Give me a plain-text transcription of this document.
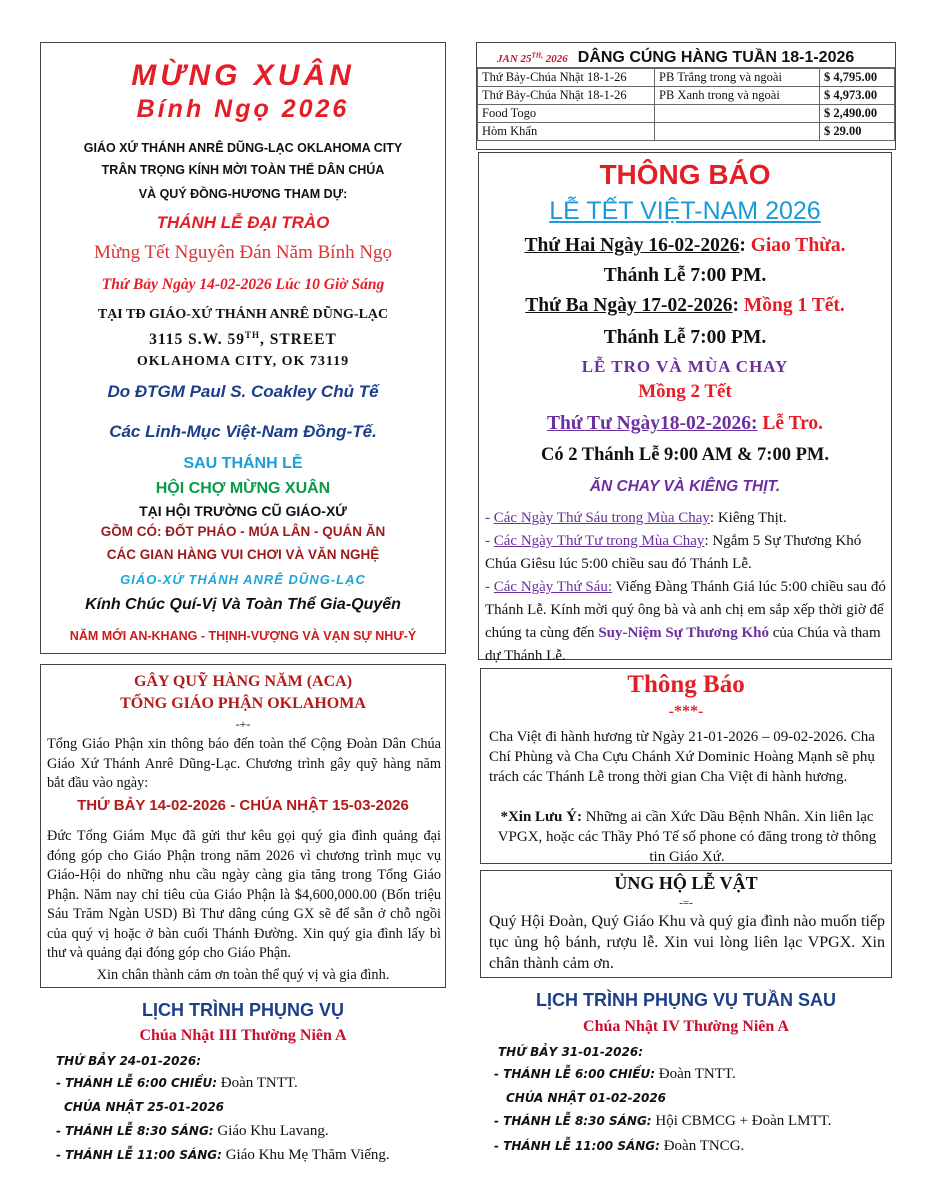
MỪNG XUÂN
Bính Ngọ 2026
GIÁO XỨ THÁNH ANRÊ DŨNG-LẠC OKLAHOMA CITY
TRÂN TRỌNG KÍNH MỜI TOÀN THỂ DÂN CHÚA
VÀ QUÝ ĐỒNG-HƯƠNG THAM DỰ:
THÁNH LỄ ĐẠI TRÀO
Mừng Tết Nguyên Đán Năm Bính Ngọ
Thứ Bảy Ngày 14-02-2026 Lúc 10 Giờ Sáng
TẠI TĐ GIÁO-XỨ THÁNH ANRÊ DŨNG-LẠC
3115 S.W. 59TH, STREET
OKLAHOMA CITY, OK 73119
Do ĐTGM Paul S. Coakley Chủ Tế
Các Linh-Mục Việt-Nam Đồng-Tế.
SAU THÁNH LỄ
HỘI CHỢ MỪNG XUÂN
TẠI HỘI TRƯỜNG CŨ GIÁO-XỨ
GỒM CÓ: ĐỐT PHÁO - MÚA LÂN - QUÁN ĂN
CÁC GIAN HÀNG VUI CHƠI VÀ VĂN NGHỆ
GIÁO-XỨ THÁNH ANRÊ DŨNG-LẠC
Kính Chúc Quí-Vị Và Toàn Thể Gia-Quyến
NĂM MỚI AN-KHANG - THỊNH-VƯỢNG VÀ VẠN SỰ NHƯ-Ý
JAN $25^{TH,}$ 2026 DÂNG CÚNG HÀNG TUẦN 18-1-2026
Thứ Bảy-Chúa Nhật 18-1-26	PB Trắng trong và ngoài	$ 4,795.00
Thứ Bảy-Chúa Nhật 18-1-26	PB Xanh trong và ngoài	$ 4,973.00
Food Togo		$ 2,490.00
Hòm Khấn		$ 29.00
THÔNG BÁO
LỄ TẾT VIỆT-NAM 2026
Thứ Hai Ngày 16-02-2026: Giao Thừa.
Thánh Lễ 7:00 PM.
Thứ Ba Ngày 17-02-2026: Mồng 1 Tết.
Thánh Lễ 7:00 PM.
LỄ TRO VÀ MÙA CHAY
Mồng 2 Tết
Thứ Tư Ngày18-02-2026: Lễ Tro.
Có 2 Thánh Lễ 9:00 AM & 7:00 PM.
ĂN CHAY VÀ KIÊNG THỊT.
- Các Ngày Thứ Sáu trong Mùa Chay: Kiêng Thịt.
- Các Ngày Thứ Tư trong Mùa Chay: Ngắm 5 Sự Thương Khó Chúa Giêsu lúc 5:00 chiều sau đó Thánh Lễ.
- Các Ngày Thứ Sáu: Viếng Đàng Thánh Giá lúc 5:00 chiều sau đó Thánh Lễ. Kính mời quý ông bà và anh chị em sắp xếp thời giờ để chúng ta cùng đến Suy-Niệm Sự Thương Khó của Chúa và tham dự Thánh Lễ.
GÂY QUỸ HÀNG NĂM (ACA)
TỔNG GIÁO PHẬN OKLAHOMA
-+-
Tổng Giáo Phận xin thông báo đến toàn thể Cộng Đoàn Dân Chúa Giáo Xứ Thánh Anrê Dũng-Lạc. Chương trình gây quỹ hàng năm bắt đầu vào ngày:
THỨ BẢY 14-02-2026 - CHÚA NHẬT 15-03-2026
Đức Tổng Giám Mục đã gửi thư kêu gọi quý gia đình quảng đại đóng góp cho Giáo Phận trong năm 2026 vì chương trình mục vụ Giáo-Hội do những nhu cầu ngày càng gia tăng trong Tổng Giáo Phận. Năm nay chỉ tiêu của Giáo Phận là $4,600,000.00 (Bốn triệu Sáu Trăm Ngàn USD) Bì Thư dâng cúng GX sẽ để sẵn ở chỗ ngồi của quý vị hoặc ở bàn cuối Thánh Đường. Xin quý gia đình lấy bì thư và quảng đại đóng góp cho Giáo Phận.
Xin chân thành cảm ơn toàn thể quý vị và gia đình.
Thông Báo
-***-
Cha Việt đi hành hương từ Ngày 21-01-2026 – 09-02-2026. Cha Chí Phùng và Cha Cựu Chánh Xứ Dominic Hoàng Mạnh sẽ phụ trách các Thánh Lễ trong thời gian Cha Việt đi hành hương.
*Xin Lưu Ý: Những ai cần Xức Dầu Bệnh Nhân. Xin liên lạc VPGX, hoặc các Thầy Phó Tế số phone có đăng trong tờ thông tin Giáo Xứ.
ỦNG HỘ LỄ VẬT
-=-
Quý Hội Đoàn, Quý Giáo Khu và quý gia đình nào muốn tiếp tục ủng hộ bánh, rượu lễ. Xin vui lòng liên lạc VPGX. Xin chân thành cảm ơn.
LỊCH TRÌNH PHỤNG VỤ
Chúa Nhật III Thường Niên A
THỨ BẢY 24-01-2026:
- THÁNH LỄ 6:00 CHIỀU: Đoàn TNTT.
CHÚA NHẬT 25-01-2026
- THÁNH LỄ 8:30 SÁNG: Giáo Khu Lavang.
- THÁNH LỄ 11:00 SÁNG: Giáo Khu Mẹ Thăm Viếng.
LỊCH TRÌNH PHỤNG VỤ TUẦN SAU
Chúa Nhật IV Thường Niên A
THỨ BẢY 31-01-2026:
- THÁNH LỄ 6:00 CHIỀU: Đoàn TNTT.
CHÚA NHẬT 01-02-2026
- THÁNH LỄ 8:30 SÁNG: Hội CBMCG + Đoàn LMTT.
- THÁNH LỄ 11:00 SÁNG: Đoàn TNCG.
